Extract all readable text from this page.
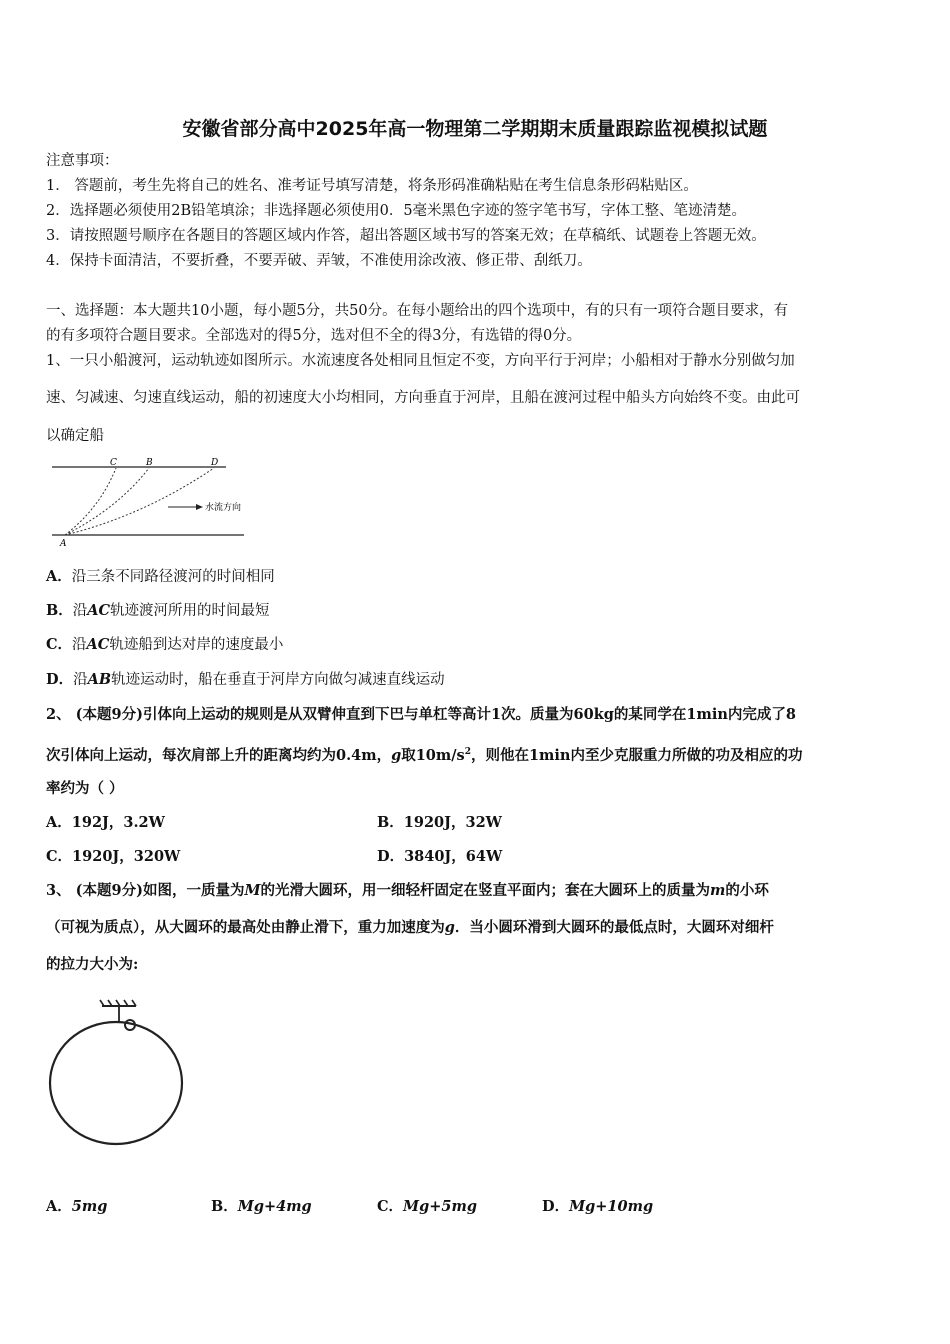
安徽省部分高中2025年高一物理第二学期期末质量跟踪监视模拟试题
注意事项：
1． 答题前，考生先将自己的姓名、准考证号填写清楚，将条形码准确粘贴在考生信息条形码粘贴区。
2．选择题必须使用2B铅笔填涂；非选择题必须使用0．5毫米黑色字迹的签字笔书写，字体工整、笔迹清楚。
3．请按照题号顺序在各题目的答题区域内作答，超出答题区域书写的答案无效；在草稿纸、试题卷上答题无效。
4．保持卡面清洁，不要折叠，不要弄破、弄皱，不准使用涂改液、修正带、刮纸刀。
一、选择题：本大题共10小题，每小题5分，共50分。在每小题给出的四个选项中，有的只有一项符合题目要求，有
的有多项符合题目要求。全部选对的得5分，选对但不全的得3分，有选错的得0分。
1、一只小船渡河，运动轨迹如图所示。水流速度各处相同且恒定不变，方向平行于河岸；小船相对于静水分别做匀加
速、匀减速、匀速直线运动，船的初速度大小均相同，方向垂直于河岸，且船在渡河过程中船头方向始终不变。由此可
以确定船
C	B	D
A
水流方向
A．沿三条不同路径渡河的时间相同
B．沿AC轨迹渡河所用的时间最短
C．沿AC轨迹船到达对岸的速度最小
D．沿AB轨迹运动时，船在垂直于河岸方向做匀减速直线运动
2、 (本题9分)引体向上运动的规则是从双臂伸直到下巴与单杠等高计1次。质量为60kg的某同学在1min内完成了8
次引体向上运动，每次肩部上升的距离均约为0.4m，g取$10m/s^2$，则他在1min内至少克服重力所做的功及相应的功
率约为（ ）
A．192J，3.2W	B．1920J，32W
C．1920J，320W	D．3840J，64W
3、 (本题9分)如图，一质量为M的光滑大圆环，用一细轻杆固定在竖直平面内；套在大圆环上的质量为m的小环
（可视为质点），从大圆环的最高处由静止滑下，重力加速度为g．当小圆环滑到大圆环的最低点时，大圆环对细杆
的拉力大小为:
A．5mg	B．Mg+4mg	C．Mg+5mg	D．Mg+10mg
